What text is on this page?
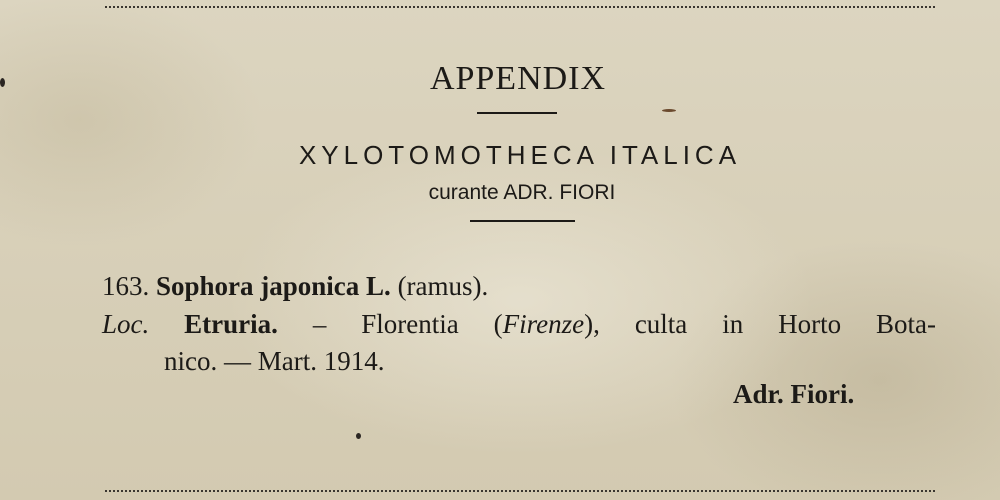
APPENDIX
XYLOTOMOTHECA ITALICA
curante ADR. FIORI
163. Sophora japonica L. (ramus).
Loc. Etruria. – Florentia (Firenze), culta in Horto Bota-
nico. — Mart. 1914.
Adr. Fiori.
